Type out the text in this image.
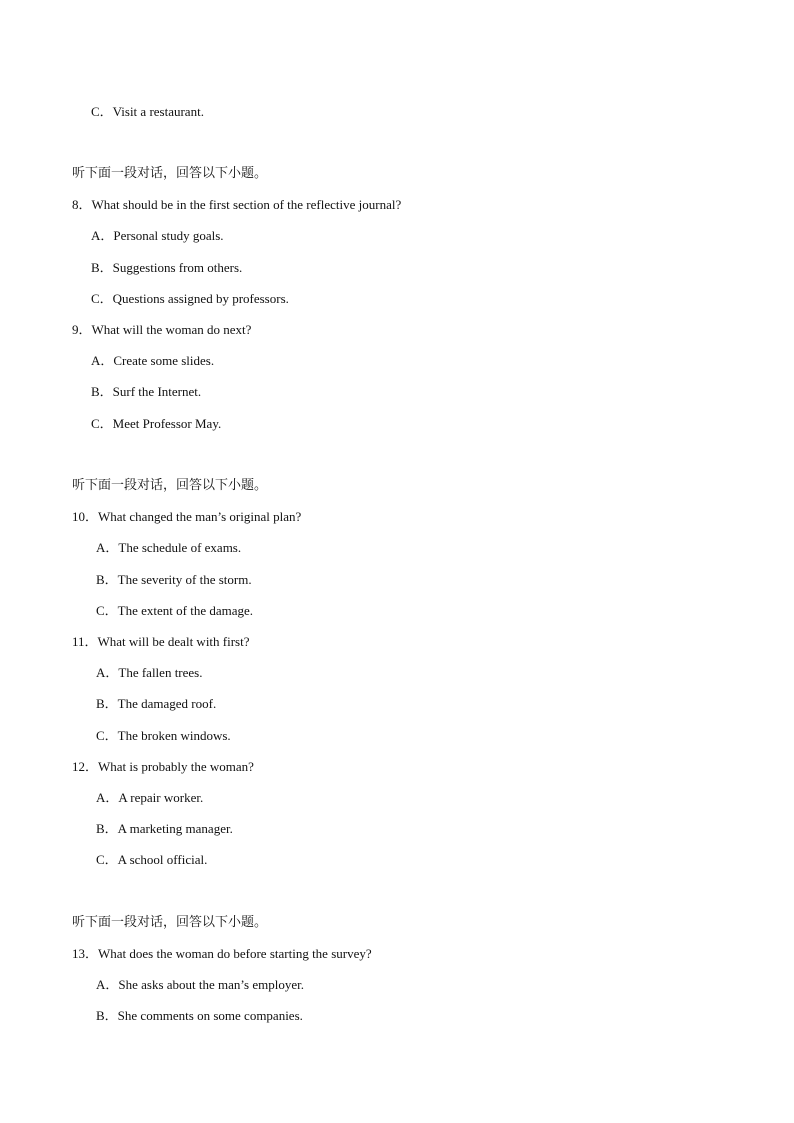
C．Visit a restaurant.
听下面一段对话，回答以下小题。
8．What should be in the first section of the reflective journal?
A．Personal study goals.
B．Suggestions from others.
C．Questions assigned by professors.
9．What will the woman do next?
A．Create some slides.
B．Surf the Internet.
C．Meet Professor May.
听下面一段对话，回答以下小题。
10．What changed the man’s original plan?
A．The schedule of exams.
B．The severity of the storm.
C．The extent of the damage.
11．What will be dealt with first?
A．The fallen trees.
B．The damaged roof.
C．The broken windows.
12．What is probably the woman?
A．A repair worker.
B．A marketing manager.
C．A school official.
听下面一段对话，回答以下小题。
13．What does the woman do before starting the survey?
A．She asks about the man’s employer.
B．She comments on some companies.
